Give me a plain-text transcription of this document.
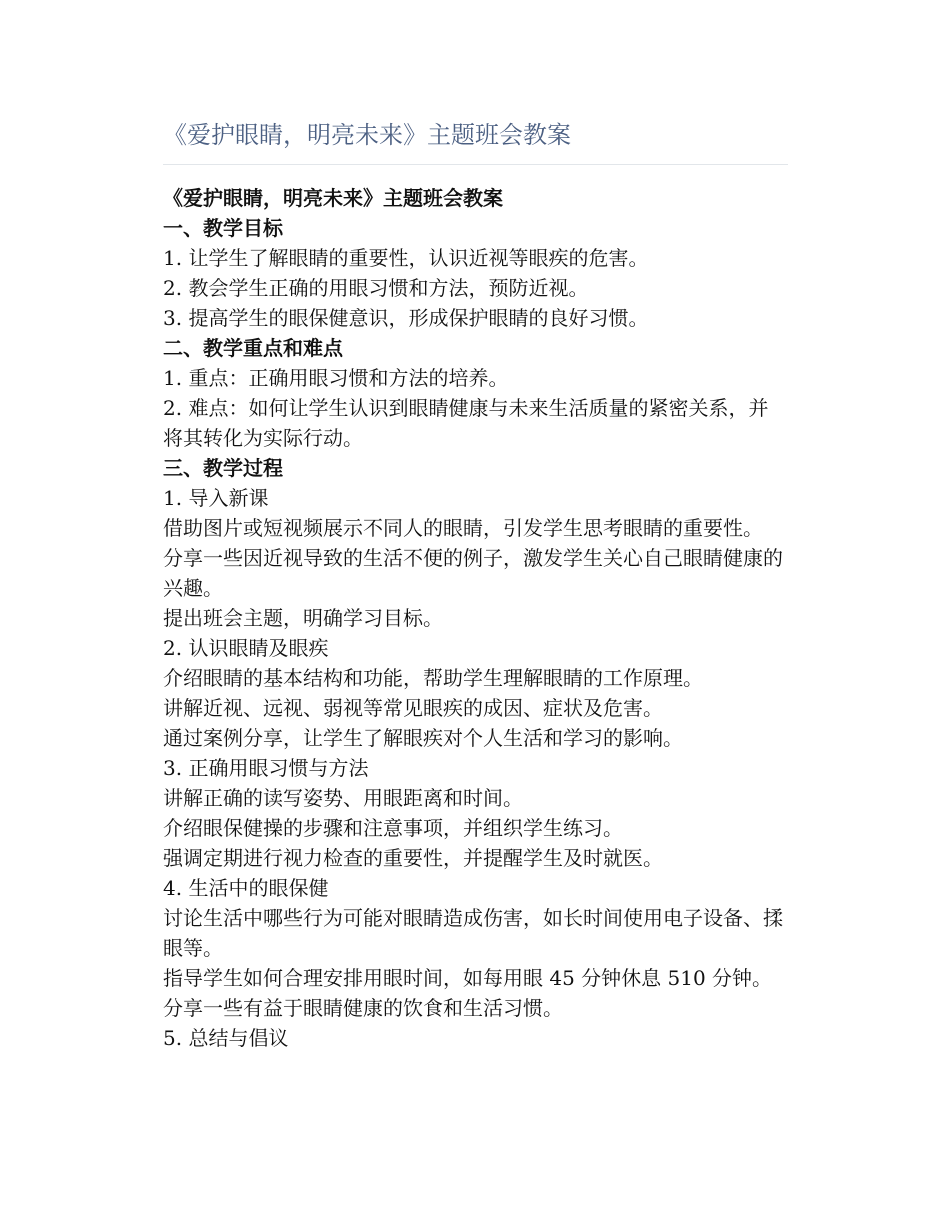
《爱护眼睛，明亮未来》主题班会教案

《爱护眼睛，明亮未来》主题班会教案

一、教学目标

1. 让学生了解眼睛的重要性，认识近视等眼疾的危害。

2. 教会学生正确的用眼习惯和方法，预防近视。

3. 提高学生的眼保健意识，形成保护眼睛的良好习惯。

二、教学重点和难点

1. 重点：正确用眼习惯和方法的培养。

2. 难点：如何让学生认识到眼睛健康与未来生活质量的紧密关系，并将其转化为实际行动。

三、教学过程

1. 导入新课

借助图片或短视频展示不同人的眼睛，引发学生思考眼睛的重要性。

分享一些因近视导致的生活不便的例子，激发学生关心自己眼睛健康的兴趣。

提出班会主题，明确学习目标。

2. 认识眼睛及眼疾

介绍眼睛的基本结构和功能，帮助学生理解眼睛的工作原理。

讲解近视、远视、弱视等常见眼疾的成因、症状及危害。

通过案例分享，让学生了解眼疾对个人生活和学习的影响。

3. 正确用眼习惯与方法

讲解正确的读写姿势、用眼距离和时间。

介绍眼保健操的步骤和注意事项，并组织学生练习。

强调定期进行视力检查的重要性，并提醒学生及时就医。

4. 生活中的眼保健

讨论生活中哪些行为可能对眼睛造成伤害，如长时间使用电子设备、揉眼等。

指导学生如何合理安排用眼时间，如每用眼 45 分钟休息 510 分钟。

分享一些有益于眼睛健康的饮食和生活习惯。

5. 总结与倡议
